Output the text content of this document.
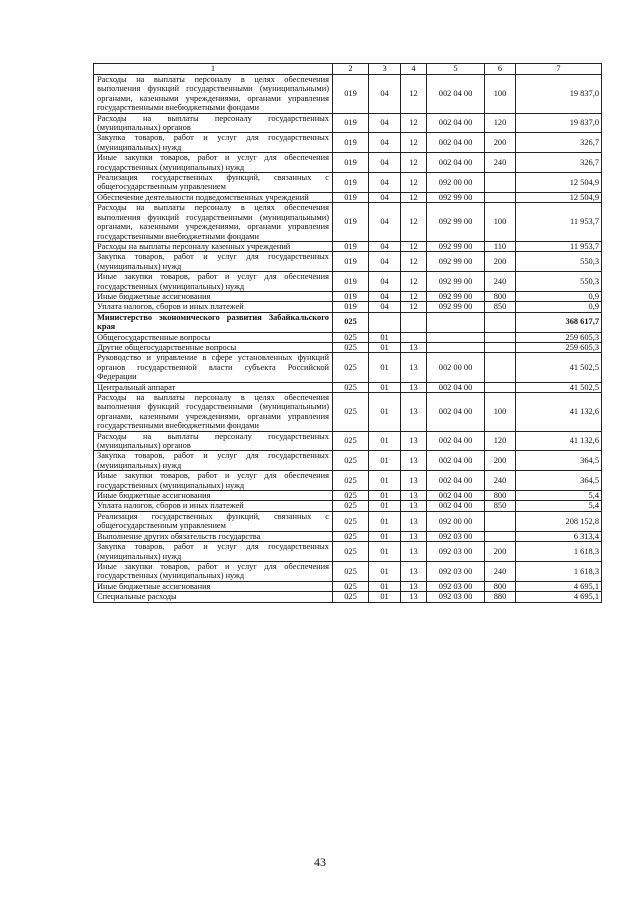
1	2	3	4	5	6	7
Расходы на выплаты персоналу в целях обеспечения выполнения функций государственными (муниципальными) органами, казенными учреждениями, органами управления государственными внебюджетными фондами	019	04	12	002 04 00	100	19 837,0
Расходы на выплаты персоналу государственных (муниципальных) органов	019	04	12	002 04 00	120	19 837,0
Закупка товаров, работ и услуг для государственных (муниципальных) нужд	019	04	12	002 04 00	200	326,7
Иные закупки товаров, работ и услуг для обеспечения государственных (муниципальных) нужд	019	04	12	002 04 00	240	326,7
Реализация государственных функций, связанных с общегосударственным управлением	019	04	12	092 00 00		12 504,9
Обеспечение деятельности подведомственных учреждений	019	04	12	092 99 00		12 504,9
Расходы на выплаты персоналу в целях обеспечения выполнения функций государственными (муниципальными) органами, казенными учреждениями, органами управления государственными внебюджетными фондами	019	04	12	092 99 00	100	11 953,7
Расходы на выплаты персоналу казенных учреждений	019	04	12	092 99 00	110	11 953,7
Закупка товаров, работ и услуг для государственных (муниципальных) нужд	019	04	12	092 99 00	200	550,3
Иные закупки товаров, работ и услуг для обеспечения государственных (муниципальных) нужд	019	04	12	092 99 00	240	550,3
Иные бюджетные ассигнования	019	04	12	092 99 00	800	0,9
Уплата налогов, сборов и иных платежей	019	04	12	092 99 00	850	0,9
Министерство экономического развития Забайкальского края	025					368 617,7
Общегосударственные вопросы	025	01				259 605,3
Другие общегосударственные вопросы	025	01	13			259 605,3
Руководство и управление в сфере установленных функций органов государственной власти субъекта Российской Федерации	025	01	13	002 00 00		41 502,5
Центральный аппарат	025	01	13	002 04 00		41 502,5
Расходы на выплаты персоналу в целях обеспечения выполнения функций государственными (муниципальными) органами, казенными учреждениями, органами управления государственными внебюджетными фондами	025	01	13	002 04 00	100	41 132,6
Расходы на выплаты персоналу государственных (муниципальных) органов	025	01	13	002 04 00	120	41 132,6
Закупка товаров, работ и услуг для государственных (муниципальных) нужд	025	01	13	002 04 00	200	364,5
Иные закупки товаров, работ и услуг для обеспечения государственных (муниципальных) нужд	025	01	13	002 04 00	240	364,5
Иные бюджетные ассигнования	025	01	13	002 04 00	800	5,4
Уплата налогов, сборов и иных платежей	025	01	13	002 04 00	850	5,4
Реализация государственных функций, связанных с общегосударственным управлением	025	01	13	092 00 00		208 152,8
Выполнение других обязательств государства	025	01	13	092 03 00		6 313,4
Закупка товаров, работ и услуг для государственных (муниципальных) нужд	025	01	13	092 03 00	200	1 618,3
Иные закупки товаров, работ и услуг для обеспечения государственных (муниципальных) нужд	025	01	13	092 03 00	240	1 618,3
Иные бюджетные ассигнования	025	01	13	092 03 00	800	4 695,1
Специальные расходы	025	01	13	092 03 00	880	4 695,1
43
